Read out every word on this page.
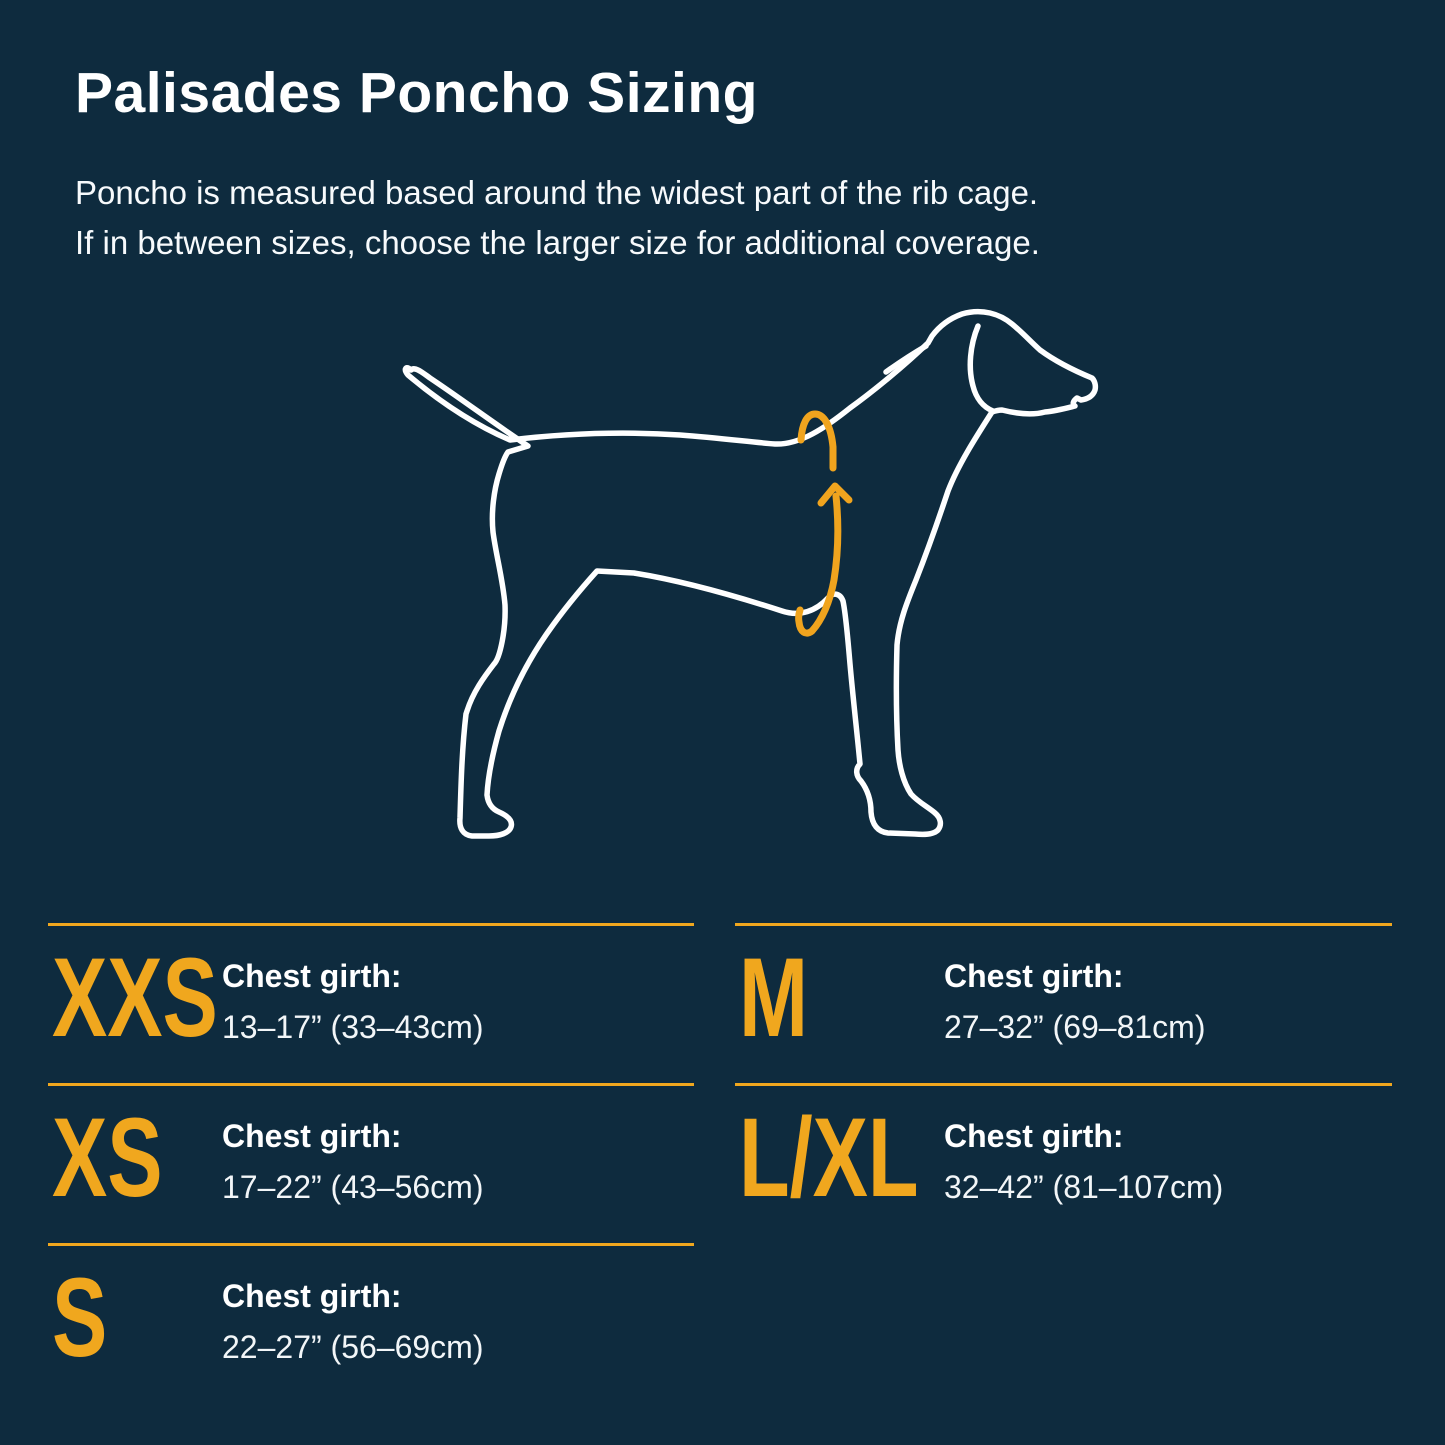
Palisades Poncho Sizing
Poncho is measured based around the widest part of the rib cage.
If in between sizes, choose the larger size for additional coverage.
XXS Chest girth:
13–17” (33–43cm)
XS Chest girth:
17–22” (43–56cm)
S	Chest girth:
22–27” (56–69cm)
M	Chest girth:
27–32” (69–81cm)
L/XL Chest girth:
32–42” (81–107cm)
